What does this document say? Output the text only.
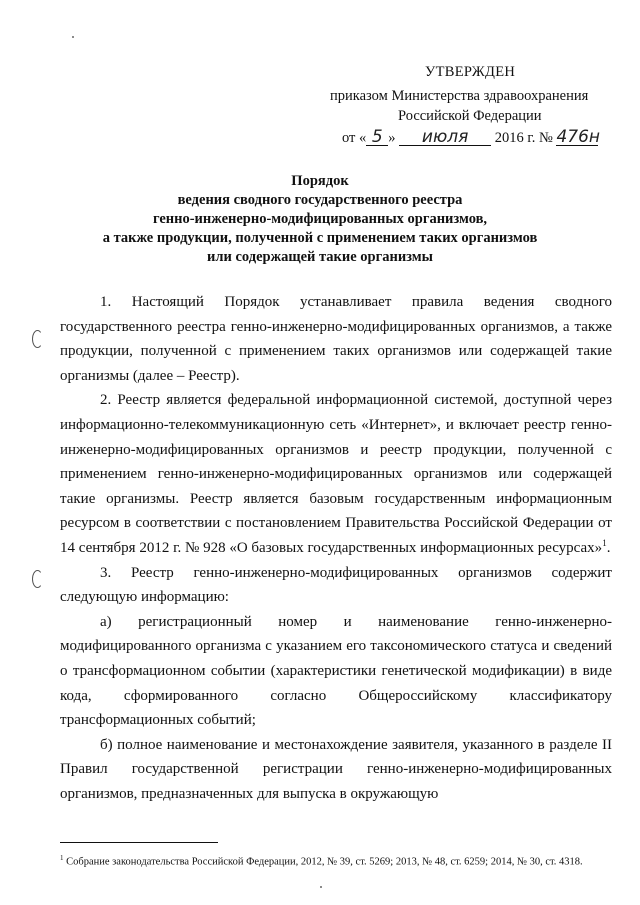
УТВЕРЖДЕН
приказом Министерства здравоохранения
Российской Федерации
от « 5 » июля 2016 г. № 476н
Порядок
ведения сводного государственного реестра
генно-инженерно-модифицированных организмов,
а также продукции, полученной с применением таких организмов
или содержащей такие организмы

1. Настоящий Порядок устанавливает правила ведения сводного государственного реестра генно-инженерно-модифицированных организмов, а также продукции, полученной с применением таких организмов или содержащей такие организмы (далее – Реестр).

2. Реестр является федеральной информационной системой, доступной через информационно-телекоммуникационную сеть «Интернет», и включает реестр генно-инженерно-модифицированных организмов и реестр продукции, полученной с применением генно-инженерно-модифицированных организмов или содержащей такие организмы. Реестр является базовым государственным информационным ресурсом в соответствии с постановлением Правительства Российской Федерации от 14 сентября 2012 г. № 928 «О базовых государственных информационных ресурсах»$^1$.

3. Реестр генно-инженерно-модифицированных организмов содержит следующую информацию:

а) регистрационный номер и наименование генно-инженерно-модифицированного организма с указанием его таксономического статуса и сведений о трансформационном событии (характеристики генетической модификации) в виде кода, сформированного согласно Общероссийскому классификатору трансформационных событий;

б) полное наименование и местонахождение заявителя, указанного в разделе II Правил государственной регистрации генно-инженерно-модифицированных организмов, предназначенных для выпуска в окружающую

$^1$ Собрание законодательства Российской Федерации, 2012, № 39, ст. 5269; 2013, № 48, ст. 6259; 2014, № 30, ст. 4318.
